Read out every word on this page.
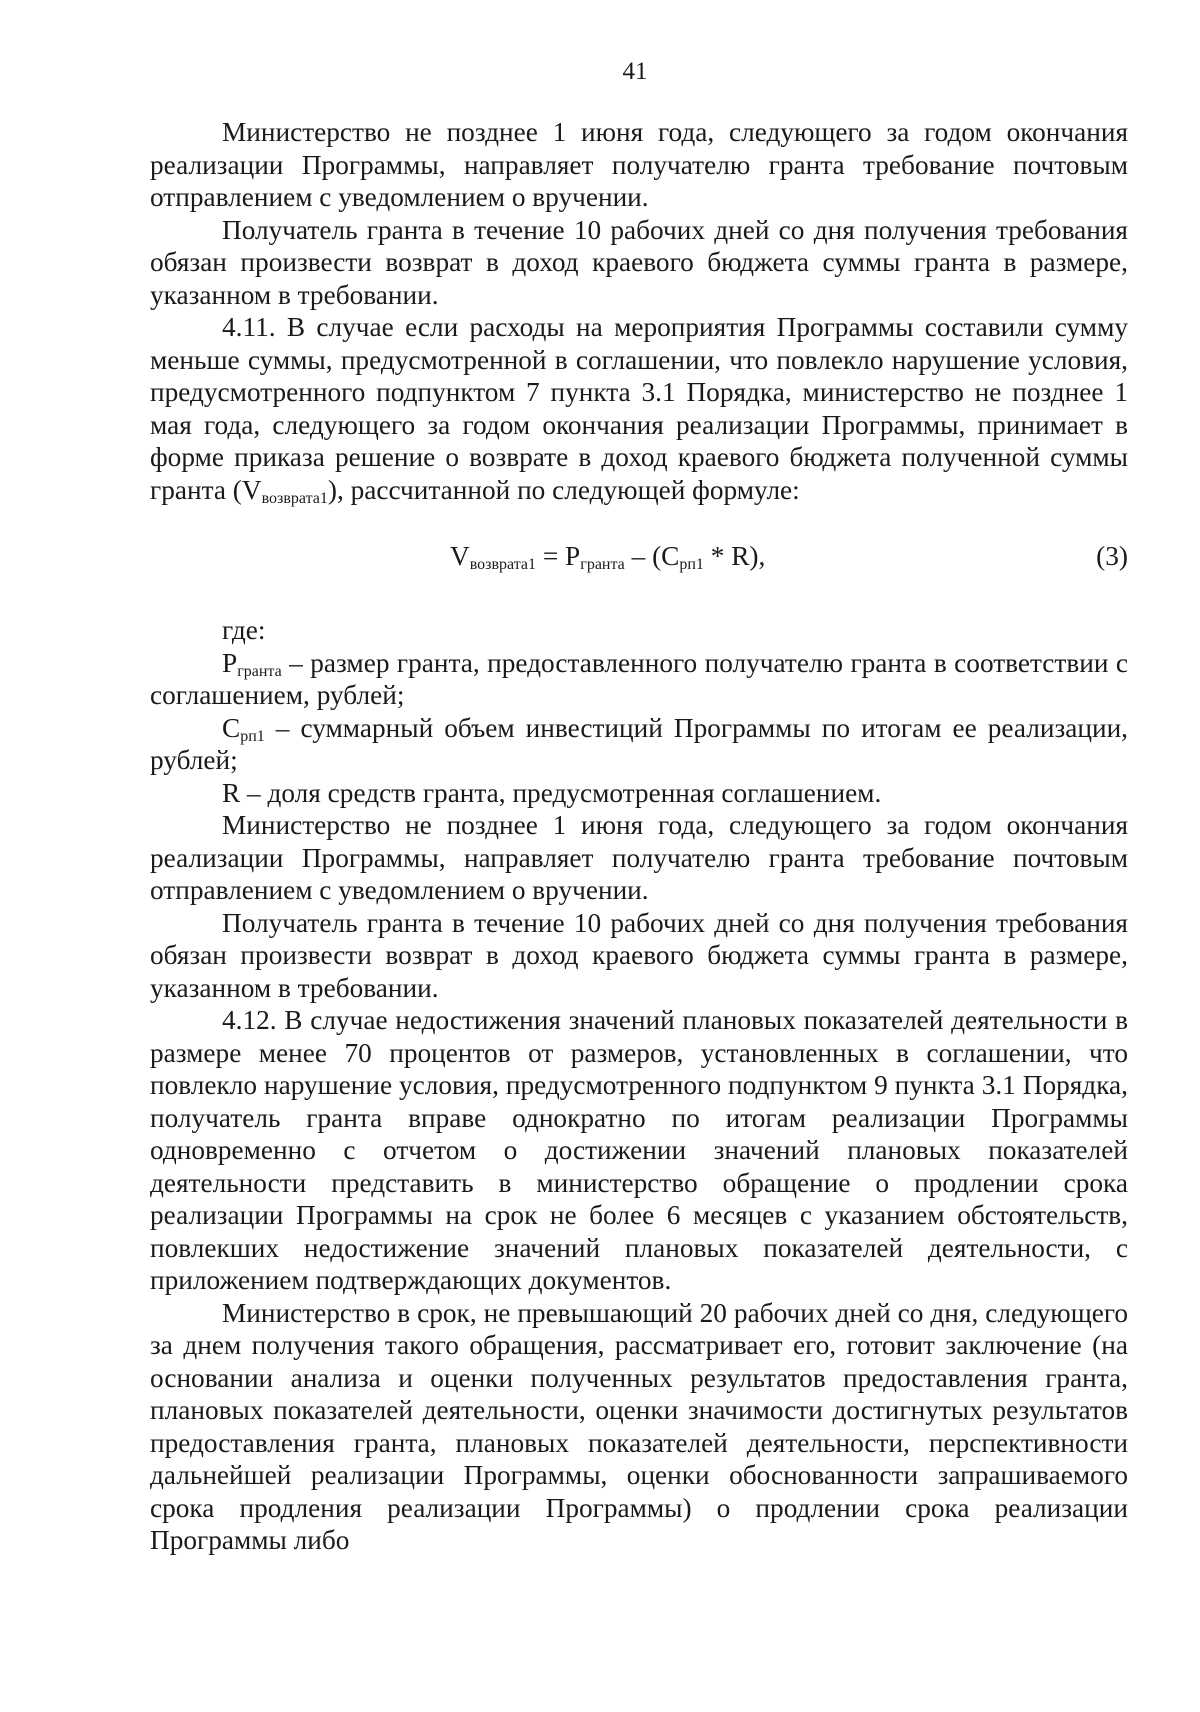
41

Министерство не позднее 1 июня года, следующего за годом окончания реализации Программы, направляет получателю гранта требование почтовым отправлением с уведомлением о вручении.

Получатель гранта в течение 10 рабочих дней со дня получения требования обязан произвести возврат в доход краевого бюджета суммы гранта в размере, указанном в требовании.

4.11. В случае если расходы на мероприятия Программы составили сумму меньше суммы, предусмотренной в соглашении, что повлекло нарушение условия, предусмотренного подпунктом 7 пункта 3.1 Порядка, министерство не позднее 1 мая года, следующего за годом окончания реализации Программы, принимает в форме приказа решение о возврате в доход краевого бюджета полученной суммы гранта $(V_{возврата1})$, рассчитанной по следующей формуле:

$V_{возврата1} = P_{гранта} - (C_{рп1} * R)$,	(3)

где:

$P_{гранта}$ – размер гранта, предоставленного получателю гранта в соответствии с соглашением, рублей;

$C_{рп1}$ – суммарный объем инвестиций Программы по итогам ее реализации, рублей;

R – доля средств гранта, предусмотренная соглашением.

Министерство не позднее 1 июня года, следующего за годом окончания реализации Программы, направляет получателю гранта требование почтовым отправлением с уведомлением о вручении.

Получатель гранта в течение 10 рабочих дней со дня получения требования обязан произвести возврат в доход краевого бюджета суммы гранта в размере, указанном в требовании.

4.12. В случае недостижения значений плановых показателей деятельности в размере менее 70 процентов от размеров, установленных в соглашении, что повлекло нарушение условия, предусмотренного подпунктом 9 пункта 3.1 Порядка, получатель гранта вправе однократно по итогам реализации Программы одновременно с отчетом о достижении значений плановых показателей деятельности представить в министерство обращение о продлении срока реализации Программы на срок не более 6 месяцев с указанием обстоятельств, повлекших недостижение значений плановых показателей деятельности, с приложением подтверждающих документов.

Министерство в срок, не превышающий 20 рабочих дней со дня, следующего за днем получения такого обращения, рассматривает его, готовит заключение (на основании анализа и оценки полученных результатов предоставления гранта, плановых показателей деятельности, оценки значимости достигнутых результатов предоставления гранта, плановых показателей деятельности, перспективности дальнейшей реализации Программы, оценки обоснованности запрашиваемого срока продления реализации Программы) о продлении срока реализации Программы либо
